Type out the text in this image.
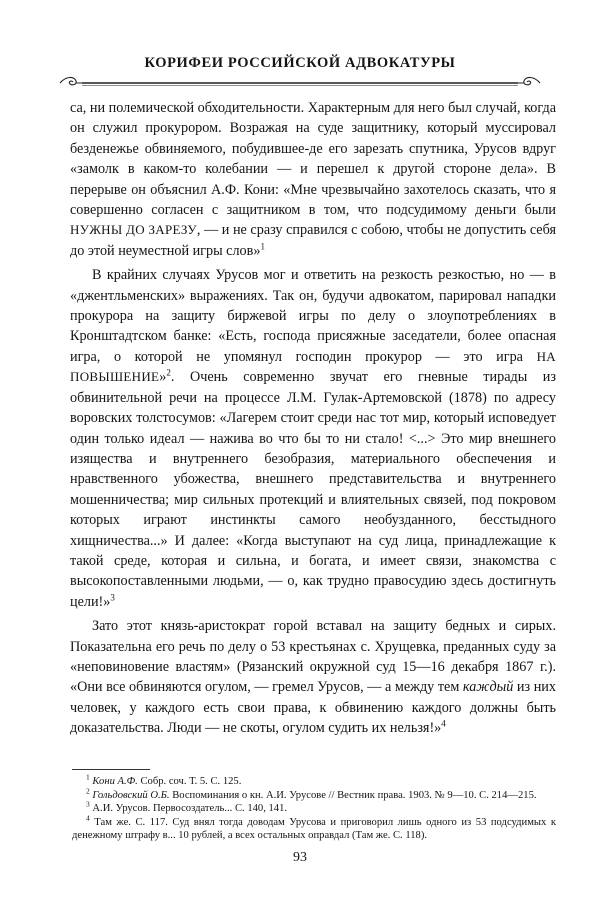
КОРИФЕИ РОССИЙСКОЙ АДВОКАТУРЫ

са, ни полемической обходительности. Характерным для него был случай, когда он служил прокурором. Возражая на суде защитнику, который муссировал безденежье обвиняемого, побудившее-де его зарезать спутника, Урусов вдруг «замолк в каком-то колебании — и перешел к другой стороне дела». В перерыве он объяснил А.Ф. Кони: «Мне чрезвычайно захотелось сказать, что я совершенно согласен с защитником в том, что подсудимому деньги были НУЖНЫ ДО ЗАРЕЗУ, — и не сразу справился с собою, чтобы не допустить себя до этой неуместной игры слов»$^1$

В крайних случаях Урусов мог и ответить на резкость резкостью, но — в «джентльменских» выражениях. Так он, будучи адвокатом, парировал нападки прокурора на защиту биржевой игры по делу о злоупотреблениях в Кронштадтском банке: «Есть, господа присяжные заседатели, более опасная игра, о которой не упомянул господин прокурор — это игра НА ПОВЫШЕНИЕ»$^2$. Очень современно звучат его гневные тирады из обвинительной речи на процессе Л.М. Гулак-Артемовской (1878) по адресу воровских толстосумов: «Лагерем стоит среди нас тот мир, который исповедует один только идеал — нажива во что бы то ни стало! <...> Это мир внешнего изящества и внутреннего безобразия, материального обеспечения и нравственного убожества, внешнего представительства и внутреннего мошенничества; мир сильных протекций и влиятельных связей, под покровом которых играют инстинкты самого необузданного, бесстыдного хищничества...» И далее: «Когда выступают на суд лица, принадлежащие к такой среде, которая и сильна, и богата, и имеет связи, знакомства с высокопоставленными людьми, — о, как трудно правосудию здесь достигнуть цели!»$^3$

Зато этот князь-аристократ горой вставал на защиту бедных и сирых. Показательна его речь по делу о 53 крестьянах с. Хрущевка, преданных суду за «неповиновение властям» (Рязанский окружной суд 15—16 декабря 1867 г.). «Они все обвиняются огулом, — гремел Урусов, — а между тем каждый из них человек, у каждого есть свои права, к обвинению каждого должны быть доказательства. Люди — не скоты, огулом судить их нельзя!»$^4$

$^1$ Кони А.Ф. Собр. соч. Т. 5. С. 125.

$^2$ Гольдовский О.Б. Воспоминания о кн. А.И. Урусове // Вестник права. 1903. № 9—10. С. 214—215.

$^3$ А.И. Урусов. Первосоздатель... С. 140, 141.

$^4$ Там же. С. 117. Суд внял тогда доводам Урусова и приговорил лишь одного из 53 подсудимых к денежному штрафу в... 10 рублей, а всех остальных оправдал (Там же. С. 118).

93
